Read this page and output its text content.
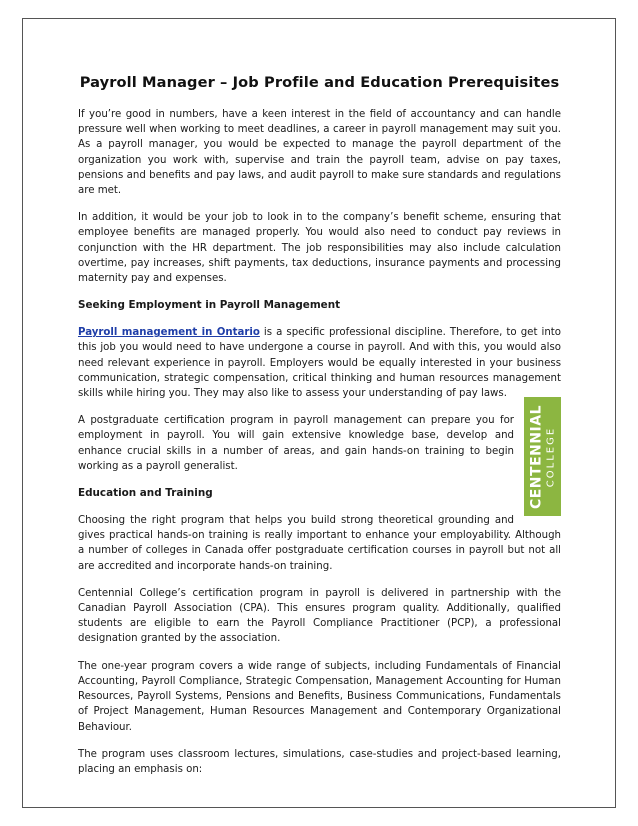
Payroll Manager – Job Profile and Education Prerequisites

If you’re good in numbers, have a keen interest in the field of accountancy and can handle pressure well when working to meet deadlines, a career in payroll management may suit you. As a payroll manager, you would be expected to manage the payroll department of the organization you work with, supervise and train the payroll team, advise on pay taxes, pensions and benefits and pay laws, and audit payroll to make sure standards and regulations are met.

In addition, it would be your job to look in to the company’s benefit scheme, ensuring that employee benefits are managed properly. You would also need to conduct pay reviews in conjunction with the HR department. The job responsibilities may also include calculation overtime, pay increases, shift payments, tax deductions, insurance payments and processing maternity pay and expenses.

Seeking Employment in Payroll Management

Payroll management in Ontario is a specific professional discipline. Therefore, to get into this job you would need to have undergone a course in payroll. And with this, you would also need relevant experience in payroll. Employers would be equally interested in your business communication, strategic compensation, critical thinking and human resources management skills while hiring you. They may also like to assess your understanding of pay laws.

CENTENNIAL COLLEGE

A postgraduate certification program in payroll management can prepare you for employment in payroll. You will gain extensive knowledge base, develop and enhance crucial skills in a number of areas, and gain hands-on training to begin working as a payroll generalist.

Education and Training

Choosing the right program that helps you build strong theoretical grounding and gives practical hands-on training is really important to enhance your employability. Although a number of colleges in Canada offer postgraduate certification courses in payroll but not all are accredited and incorporate hands-on training.

Centennial College’s certification program in payroll is delivered in partnership with the Canadian Payroll Association (CPA). This ensures program quality. Additionally, qualified students are eligible to earn the Payroll Compliance Practitioner (PCP), a professional designation granted by the association.

The one-year program covers a wide range of subjects, including Fundamentals of Financial Accounting, Payroll Compliance, Strategic Compensation, Management Accounting for Human Resources, Payroll Systems, Pensions and Benefits, Business Communications, Fundamentals of Project Management, Human Resources Management and Contemporary Organizational Behaviour.

The program uses classroom lectures, simulations, case-studies and project-based learning, placing an emphasis on:
